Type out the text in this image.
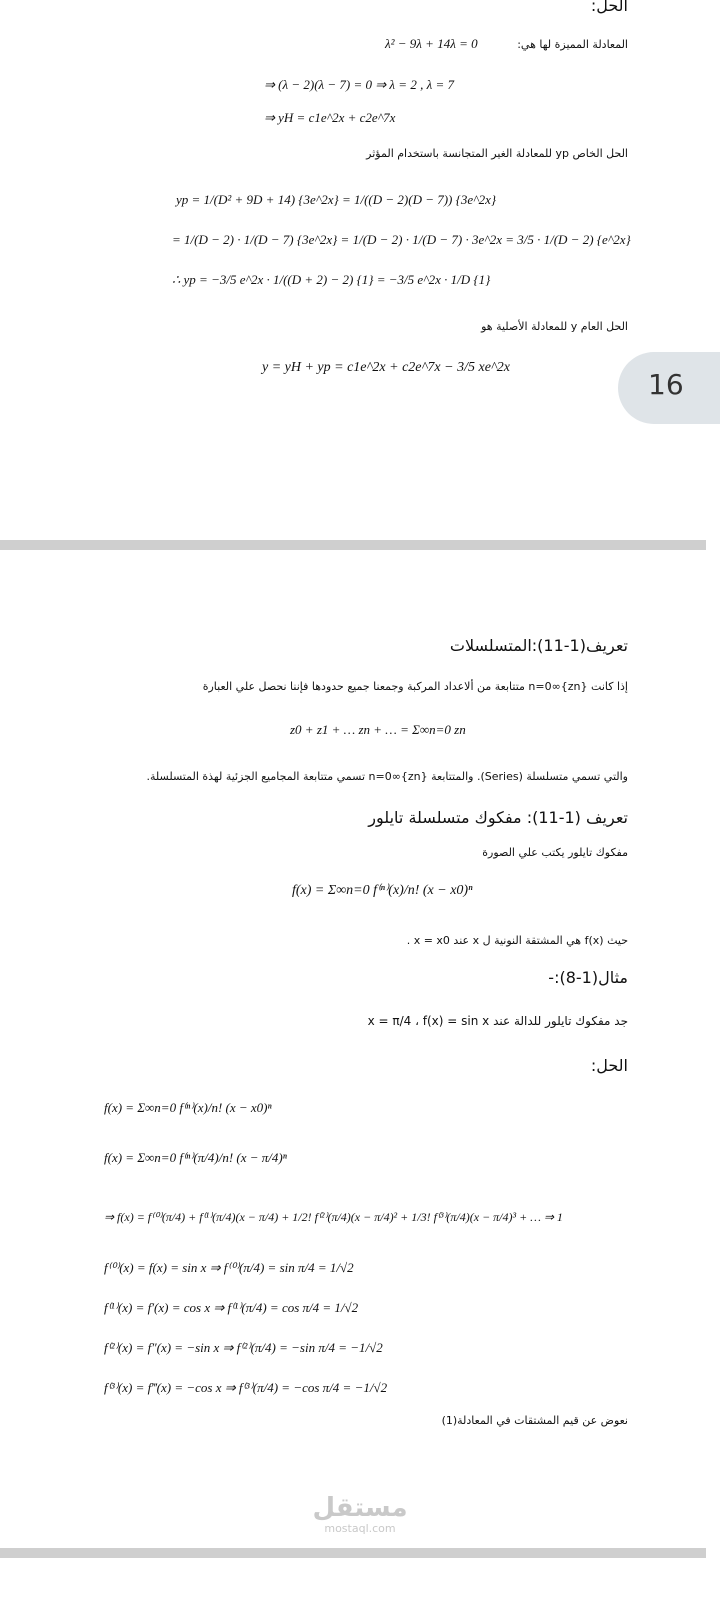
الحل:
المعادلة المميزة لها هي:
λ² − 9λ + 14λ = 0
⇒ (λ − 2)(λ − 7) = 0 ⇒ λ = 2 , λ = 7
⇒ yH = c1e^2x + c2e^7x
الحل الخاص yp للمعادلة الغير المتجانسة باستخدام المؤثر
yp = 1/(D² + 9D + 14) {3e^2x} = 1/((D − 2)(D − 7)) {3e^2x}
= 1/(D − 2) · 1/(D − 7) {3e^2x} = 1/(D − 2) · 1/(D − 7) · 3e^2x = 3/5 · 1/(D − 2) {e^2x}
∴ yp = −3/5 e^2x · 1/((D + 2) − 2) {1} = −3/5 e^2x · 1/D {1}
الحل العام y للمعادلة الأصلية هو
y = yH + yp = c1e^2x + c2e^7x − 3/5 xe^2x
16
تعريف(1-11):المتسلسلات
إذا كانت {zn}∞n=0 متتابعة من ألاعداد المركبة وجمعنا جميع حدودها فإننا نحصل علي العبارة
z0 + z1 + … zn + … = Σ∞n=0 zn
والتي تسمي متسلسلة (Series). والمتتابعة {zn}∞n=0 تسمي متتابعة المجاميع الجزئية لهذة المتسلسلة.
تعريف (1-11): مفكوك متسلسلة تايلور
مفكوك تايلور يكتب علي الصورة
f(x) = Σ∞n=0 f⁽ⁿ⁾(x)/n! (x − x0)ⁿ
حيث f(x) هي المشتقة النونية ل x عند x = x0 .
مثال(1-8):-
جد مفكوك تايلور للدالة عند x = π/4 ، f(x) = sin x
الحل:
f(x) = Σ∞n=0 f⁽ⁿ⁾(x)/n! (x − x0)ⁿ
f(x) = Σ∞n=0 f⁽ⁿ⁾(π/4)/n! (x − π/4)ⁿ
⇒ f(x) = f⁽⁰⁾(π/4) + f⁽¹⁾(π/4)(x − π/4) + 1/2! f⁽²⁾(π/4)(x − π/4)² + 1/3! f⁽³⁾(π/4)(x − π/4)³ + … ⇒ 1
f⁽⁰⁾(x) = f(x) = sin x ⇒ f⁽⁰⁾(π/4) = sin π/4 = 1/√2
f⁽¹⁾(x) = f′(x) = cos x ⇒ f⁽¹⁾(π/4) = cos π/4 = 1/√2
f⁽²⁾(x) = f″(x) = −sin x ⇒ f⁽²⁾(π/4) = −sin π/4 = −1/√2
f⁽³⁾(x) = f‴(x) = −cos x ⇒ f⁽³⁾(π/4) = −cos π/4 = −1/√2
نعوض عن قيم المشتقات في المعادلة(1)
مستقل
mostaql.com
